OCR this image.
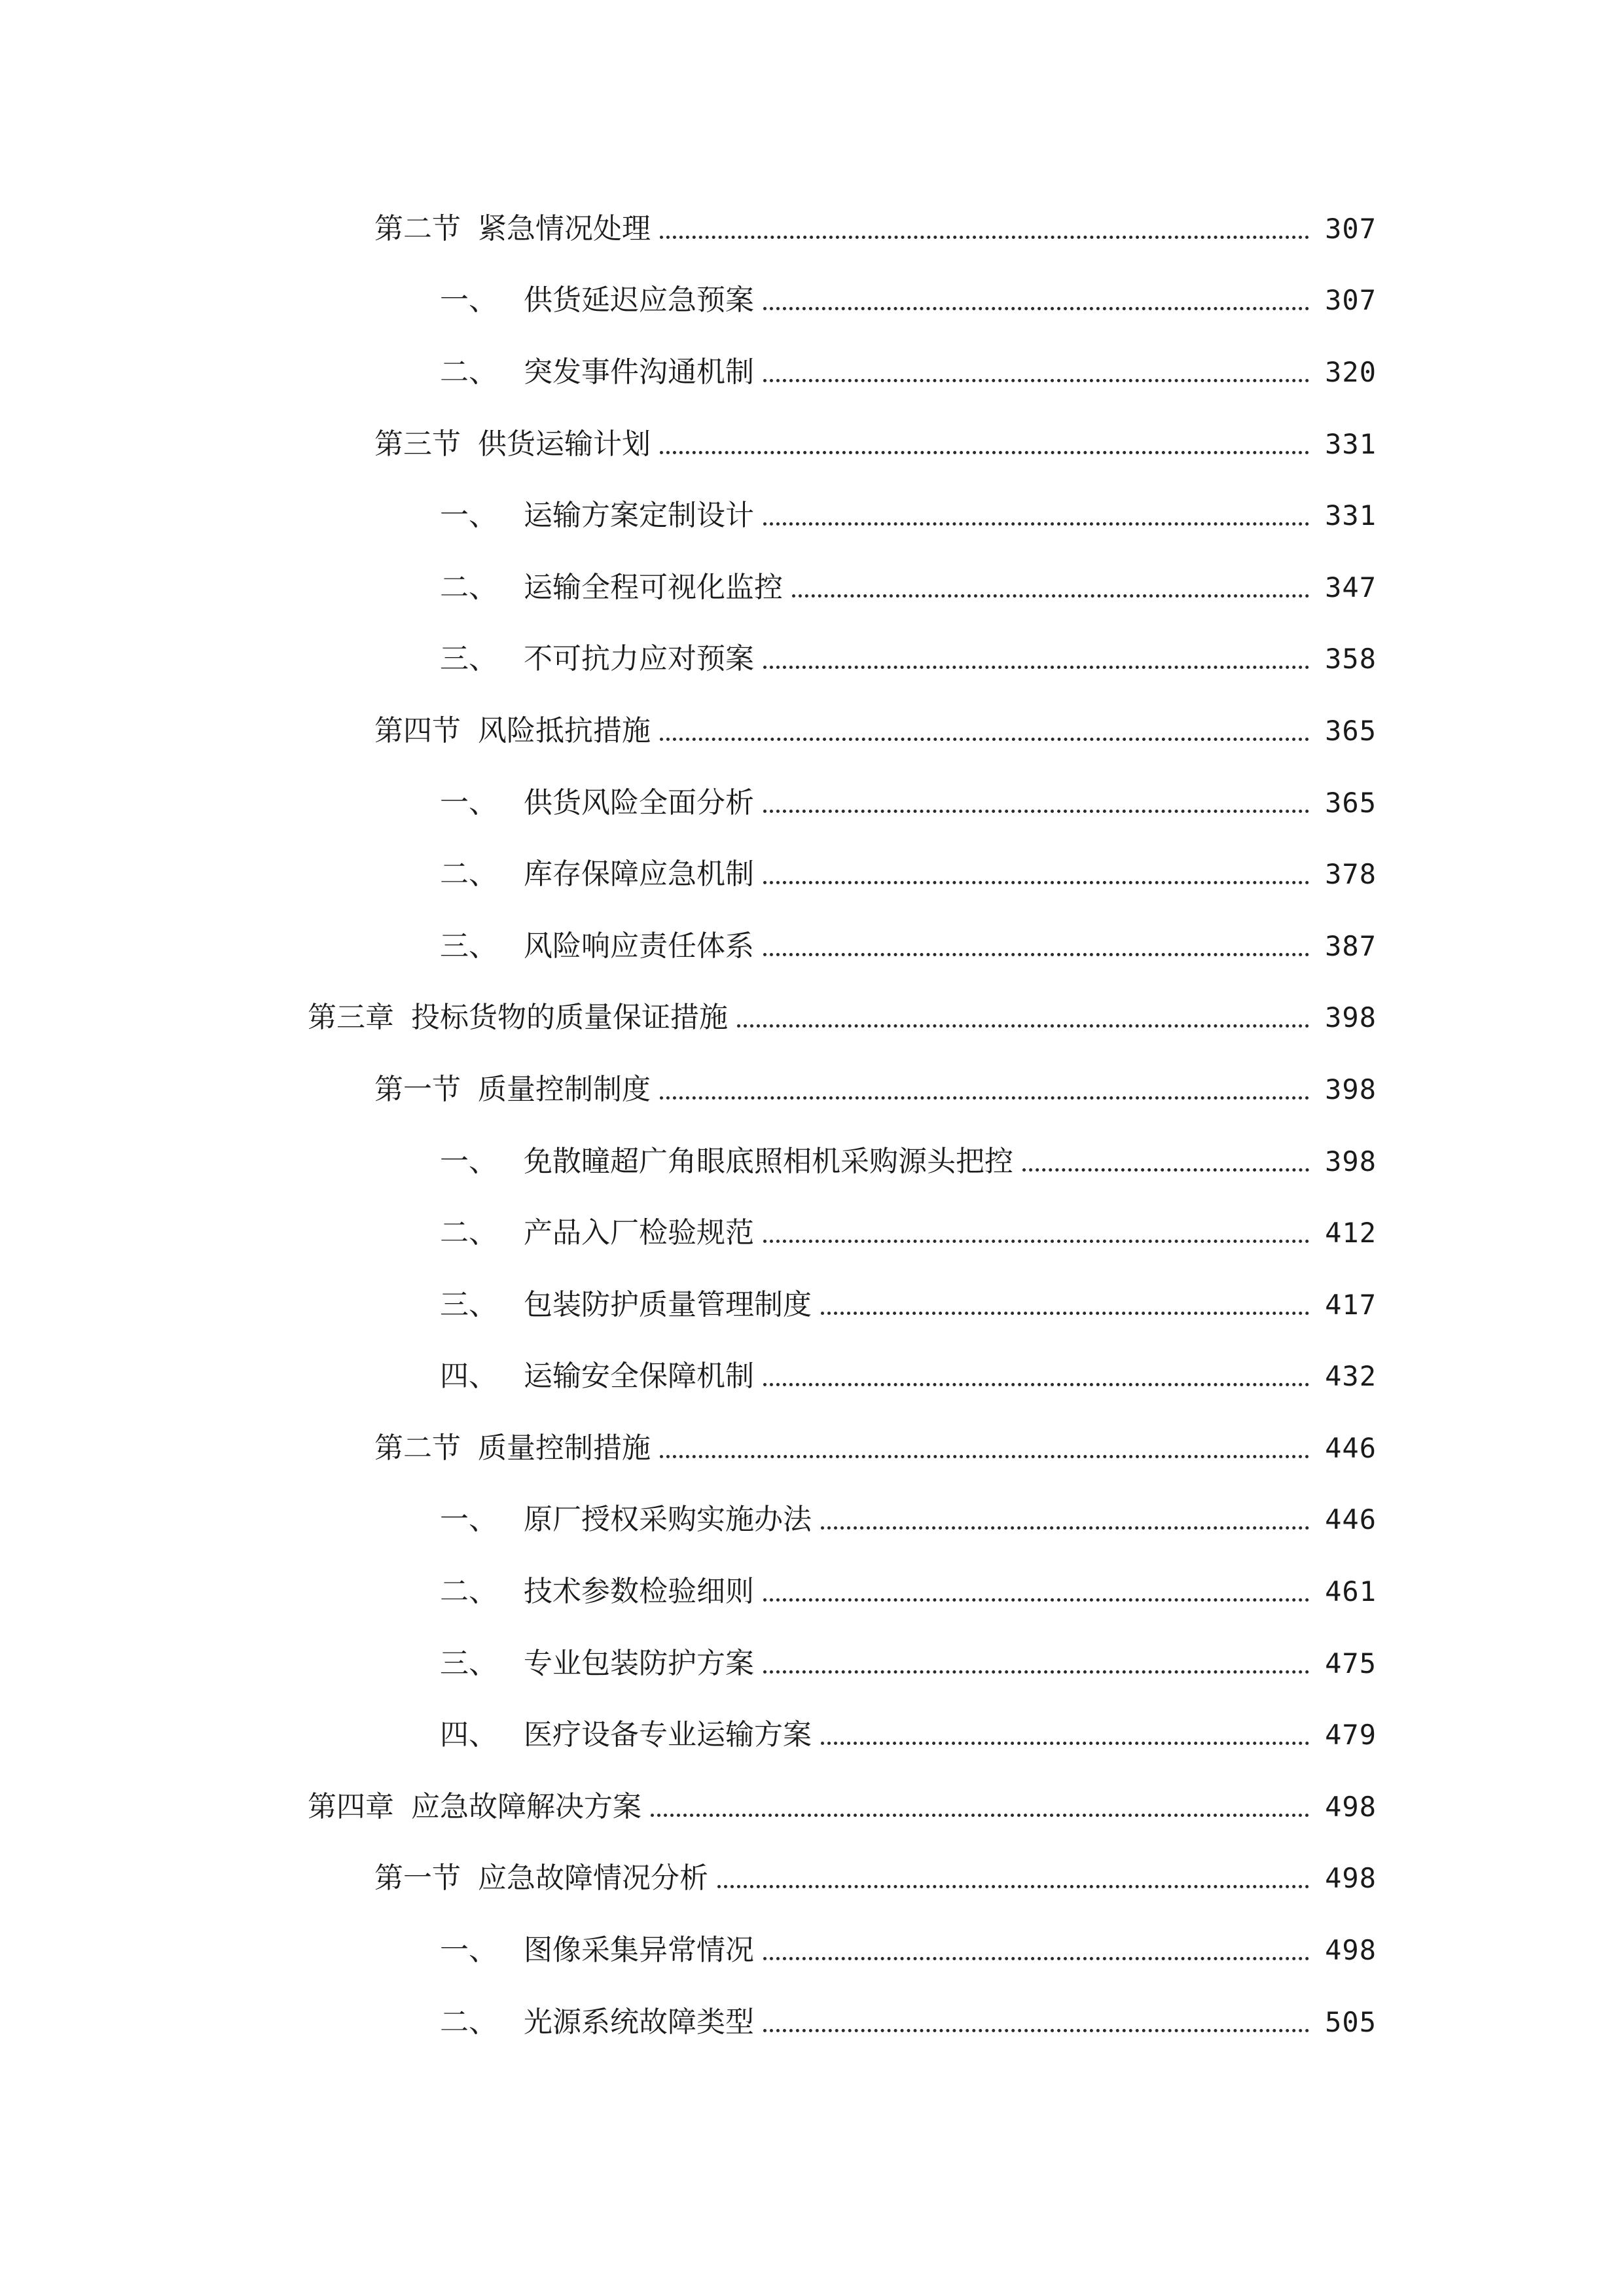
第二节 紧急情况处理	307
一、 供货延迟应急预案	307
二、 突发事件沟通机制	320
第三节 供货运输计划	331
一、 运输方案定制设计	331
二、 运输全程可视化监控	347
三、 不可抗力应对预案	358
第四节 风险抵抗措施	365
一、 供货风险全面分析	365
二、 库存保障应急机制	378
三、 风险响应责任体系	387
第三章 投标货物的质量保证措施	398
第一节 质量控制制度	398
一、 免散瞳超广角眼底照相机采购源头把控	398
二、 产品入厂检验规范	412
三、 包装防护质量管理制度	417
四、 运输安全保障机制	432
第二节 质量控制措施	446
一、 原厂授权采购实施办法	446
二、 技术参数检验细则	461
三、 专业包装防护方案	475
四、 医疗设备专业运输方案	479
第四章 应急故障解决方案	498
第一节 应急故障情况分析	498
一、 图像采集异常情况	498
二、 光源系统故障类型	505
